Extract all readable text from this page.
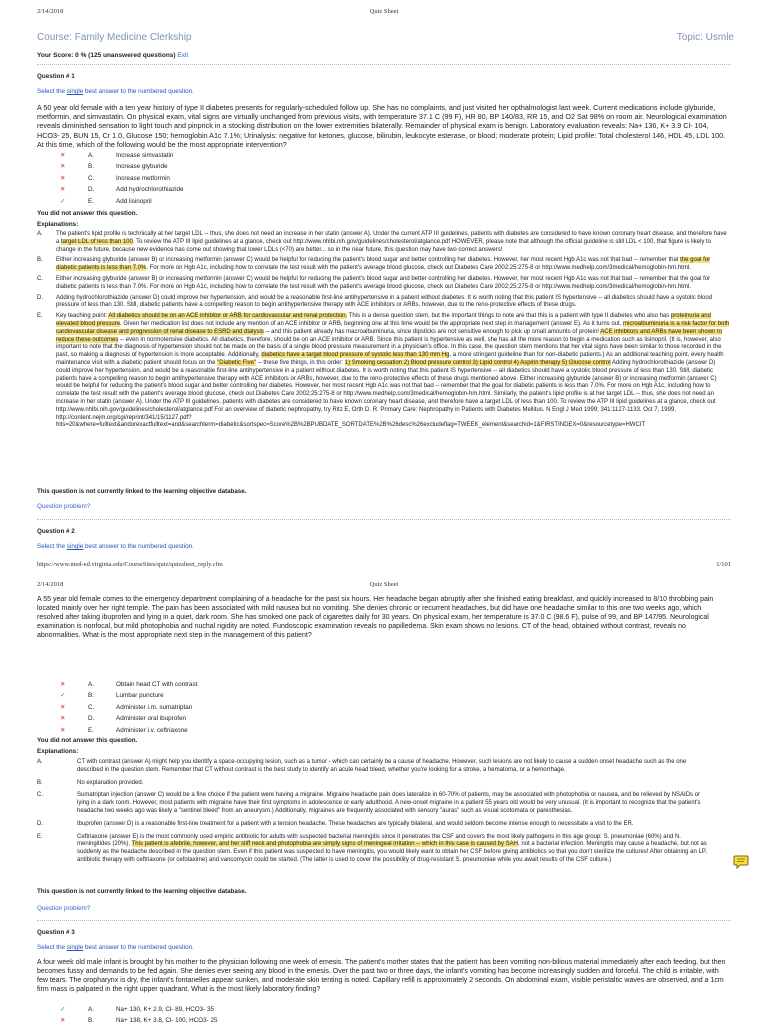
2/14/2018	Quiz Sheet
Course: Family Medicine Clerkship	Topic: Usmle
Your Score: 0 % (125 unanswered questions) Exit
Question # 1
Select the single best answer to the numbered question.
A 50 year old female with a ten year history of type II diabetes presents for regularly-scheduled follow up. She has no complaints, and just visited her opthalmologist last week. Current medications include glyburide, metformin, and simvastatin. On physical exam, vital signs are virtually unchanged from previous visits, with temperature 37.1 C (99 F), HR 80, BP 140/83, RR 15, and O2 Sat 98% on room air. Neurological examination reveals diminished sensation to light touch and pinprick in a stocking distribution on the lower extremities bilaterally. Remainder of physical exam is benign. Laboratory evaluation reveals: Na+ 136, K+ 3.9 Cl- 104, HCO3- 25, BUN 15, Cr 1.0, Glucose 150; hemoglobin A1c 7.1%; Urinalysis: negative for ketones, glucose, bilirubin, leukocyte esterase, or blood; moderate protein; Lipid profile: Total cholesterol 146, HDL 45, LDL 100. At this time, which of the following would be the most appropriate intervention?
✕	A.	Increase simvastatin
✕	B.	Increase glyburide
✕	C.	Increase metformin
✕	D.	Add hydrochlorothiazide
✓	E.	Add lisinopril
You did not answer this question.
Explanations:
A.	The patient's lipid profile is technically at her target LDL -- thus, she does not need an increase in her statin (answer A). Under the current ATP III guidelines, patients with diabetes are considered to have known coronary heart disease, and therefore have a target LDL of less than 100. To review the ATP III lipid guidelines at a glance, check out http://www.nhlbi.nih.gov/guidelines/cholesterol/atglance.pdf HOWEVER, please note that although the official guideline is still LDL < 100, that figure is likely to change in the future, because new evidence has come out showing that lower LDLs (<70) are better... so in the near future, this question may have two correct answers!
B.	Either increasing glyburide (answer B) or increasing metformin (answer C) would be helpful for reducing the patient's blood sugar and better controlling her diabetes. However, her most recent Hgb A1c was not that bad -- remember that the goal for diabetic patients is less than 7.0%. For more on Hgb A1c, including how to correlate the test result with the patient's average blood glucose, check out Diabetes Care 2002;25:275-8 or http://www.medhelp.com/3medical/hemoglobin-hm.html.
C.	Either increasing glyburide (answer B) or increasing metformin (answer C) would be helpful for reducing the patient's blood sugar and better controlling her diabetes. However, her most recent Hgb A1c was not that bad -- remember that the goal for diabetic patients is less than 7.0%. For more on Hgb A1c, including how to correlate the test result with the patient's average blood glucose, check out Diabetes Care 2002;25:275-8 or http://www.medhelp.com/3medical/hemoglobin-hm.html.
D.	Adding hydrochlorothiazide (answer D) could improve her hypertension, and would be a reasonable first-line antihypertensive in a patient without diabetes. It is worth noting that this patient IS hypertensive -- all diabetics should have a systolic blood pressure of less than 130. Still, diabetic patients have a compelling reason to begin antihypertensive therapy with ACE inhibitors or ARBs, however, due to the reno-protective effects of these drugs.
E.	Key teaching point: All diabetics should be on an ACE inhibitor or ARB for cardiovascular and renal protection. This is a dense question stem, but the important things to note are that this is a patient with type II diabetes who also has proteinuria and elevated blood pressure. Given her medication list does not include any mention of an ACE inhibitor or ARB, beginning one at this time would be the appropriate next step in management (answer E). As it turns out, microalbuminuria is a risk factor for both cardiovascular disease and progression of renal disease to ESRD and dialysis -- and this patient already has macroalbuminuria, since dipsticks are not sensitive enough to pick up small amounts of protein! ACE inhibitors and ARBs have been shown to reduce these outcomes -- even in normotensive diabetics. All diabetics, therefore, should be on an ACE inhibitor or ARB. Since this patient is hypertensive as well, she has all the more reason to begin a medication such as lisinopril. (It is, however, also important to note that the diagnosis of hypertension should not be made on the basis of a single blood pressure measurement in a physician's office. In this case, the question stem mentions that her vital signs have been similar to those recorded in the past, so making a diagnosis of hypertension is more acceptable. Additionally, diabetics have a target blood pressure of systolic less than 130 mm Hg, a more stringent guideline than for non-diabetic patients.) As an additional teaching point, every health maintenance visit with a diabetic patient should focus on the "Diabetic Five" -- these five things, in this order: 1) Smoking cessation 2) Blood pressure control 3) Lipid control 4) Aspirin therapy 5) Glucose control Adding hydrochlorothiazide (answer D) could improve her hypertension, and would be a reasonable first-line antihypertensive in a patient without diabetes. It is worth noting that this patient IS hypertensive -- all diabetics should have a systolic blood pressure of less than 130. Still, diabetic patients have a compelling reason to begin antihypertensive therapy with ACE inhibitors or ARBs, however, due to the reno-protective effects of these drugs mentioned above. Either increasing glyburide (answer B) or increasing metformin (answer C) would be helpful for reducing the patient's blood sugar and better controlling her diabetes. However, her most recent Hgb A1c was not that bad -- remember that the goal for diabetic patients is less than 7.0%. For more on Hgb A1c, including how to correlate the test result with the patient's average blood glucose, check out Diabetes Care 2002;25:275-8 or http://www.medhelp.com/3medical/hemoglobin-hm.html. Similarly, the patient's lipid profile is at her target LDL -- thus, she does not need an increase in her statin (answer A). Under the ATP III guidelines, patients with diabetes are considered to have known coronary heart disease, and therefore have a target LDL of less than 100. To review the ATP III lipid guidelines at a glance, check out http://www.nhlbi.nih.gov/guidelines/cholesterol/atglance.pdf For an overview of diabetic nephropathy, try Ritz E, Orth D. R. Primary Care: Nephropathy in Patients with Diabetes Mellitus. N Engl J Med 1999; 341:1127-1133, Oct 7, 1999. http://content.nejm.org/cgi/reprint/341/15/1127.pdf?hits=20&where=fulltext&andorexactfulltext=and&searchterm=diabetic&sortspec=Score%2B%2BPUBDATE_SORTDATE%2B%26desc%26excludeflag=TWEEK_element&searchid=1&FIRSTINDEX=0&resourcetype=HWCIT
This question is not currently linked to the learning objective database.
Question problem?
Question # 2
Select the single best answer to the numbered question.
https://www.med-ed.virginia.edu/CourseSites/quiz/quizsheet_reply.cfm	1/101
2/14/2018	Quiz Sheet
A 55 year old female comes to the emergency department complaining of a headache for the past six hours. Her headache began abruptly after she finished eating breakfast, and quickly increased to 8/10 throbbing pain located mainly over her right temple. The pain has been associated with mild nausea but no vomiting. She denies chronic or recurrent headaches, but did have one headache similar to this one two weeks ago, which resolved after taking ibuprofen and lying in a quiet, dark room. She has smoked one pack of cigarettes daily for 30 years. On physical exam, her temperature is 37.0 C (98.6 F), pulse of 99, and BP 147/95. Neurological examination is nonfocal, but mild photophobia and nuchal rigidity are noted. Fundoscopic examination reveals no papilledema. Skin exam shows no lesions. CT of the head, obtained without contrast, reveals no abnormalities. What is the most appropriate next step in the management of this patient?
✕	A.	Obtain head CT with contrast
✓	B.	Lumbar puncture
✕	C.	Administer i.m. sumatriptan
✕	D.	Administer oral ibuprofen
✕	E.	Administer i.v. ceftriaxone
You did not answer this question.
Explanations:
A.	CT with contrast (answer A) might help you identify a space-occupying lesion, such as a tumor - which can certainly be a cause of headache. However, such lesions are not likely to cause a sudden onset headache such as the one described in the question stem. Remember that CT without contrast is the best study to identify an acute head bleed, whether you're looking for a stroke, a hematoma, or a hemorrhage.
B.	No explanation provided.
C.	Sumatriptan injection (answer C) would be a fine choice if the patient were having a migraine. Migraine headache pain does lateralize in 60-70% of patients, may be associated with photophobia or nausea, and be relieved by NSAIDs or lying in a dark room. However, most patients with migraine have their first symptoms in adolescence or early adulthood. A new-onset migraine in a patient 55 years old would be very unusual. (It is important to recognize that the patient's headache two weeks ago was likely a "sentinel bleed" from an aneurysm.) Additionally, migraines are frequently associated with sensory "auras" such as visual scotomata or paresthesias.
D.	Ibuprofen (answer D) is a reasonable first-line treatment for a patient with a tension headache. These headaches are typically bilateral, and would seldom become intense enough to necessitate a visit to the ER.
E.	Ceftriaxone (answer E) is the most commonly used empiric antibiotic for adults with suspected bacterial meningitis since it penetrates the CSF and covers the most likely pathogens in this age group: S. pneumoniae (60%) and N. meningitides (20%). This patient is afebrile, however, and her stiff neck and photophobia are simply signs of meningeal irritation -- which in this case is caused by SAH, not a bacterial infection. Meningitis may cause a headache, but not as suddenly as the headache described in the question stem. Even if this patient was suspected to have meningitis, you would likely want to obtain her CSF before giving antibiotics so that you don't sterilize the cultures! After obtaining an LP, antibiotic therapy with ceftriaxone (or cefotaxime) and vancomycin could be started. (The latter is used to cover the possibility of drug-resistant S. pneumoniae while you await results of the CSF culture.)
This question is not currently linked to the learning objective database.
Question problem?
Question # 3
Select the single best answer to the numbered question.
A four week old male infant is brought by his mother to the physician following one week of emesis. The patient's mother states that the patient has been vomiting non-bilious material immediately after each feeding, but then becomes fussy and demands to be fed again. She denies ever seeing any blood in the emesis. Over the past two or three days, the infant's vomiting has become increasingly sudden and forceful. The child is irritable, with few tears. The oropharynx is dry, the infant's fontanelles appear sunken, and moderate skin tenting is noted. Capillary refill is approximately 2 seconds. On abdominal exam, visible peristaltic waves are observed, and a 1cm firm mass is palpated in the right upper quadrant. What is the most likely laboratory finding?
✓	A.	Na+ 130, K+ 2.9, Cl- 89, HCO3- 35
✕	B.	Na+ 138, K+ 3.8, Cl- 100, HCO3- 25
